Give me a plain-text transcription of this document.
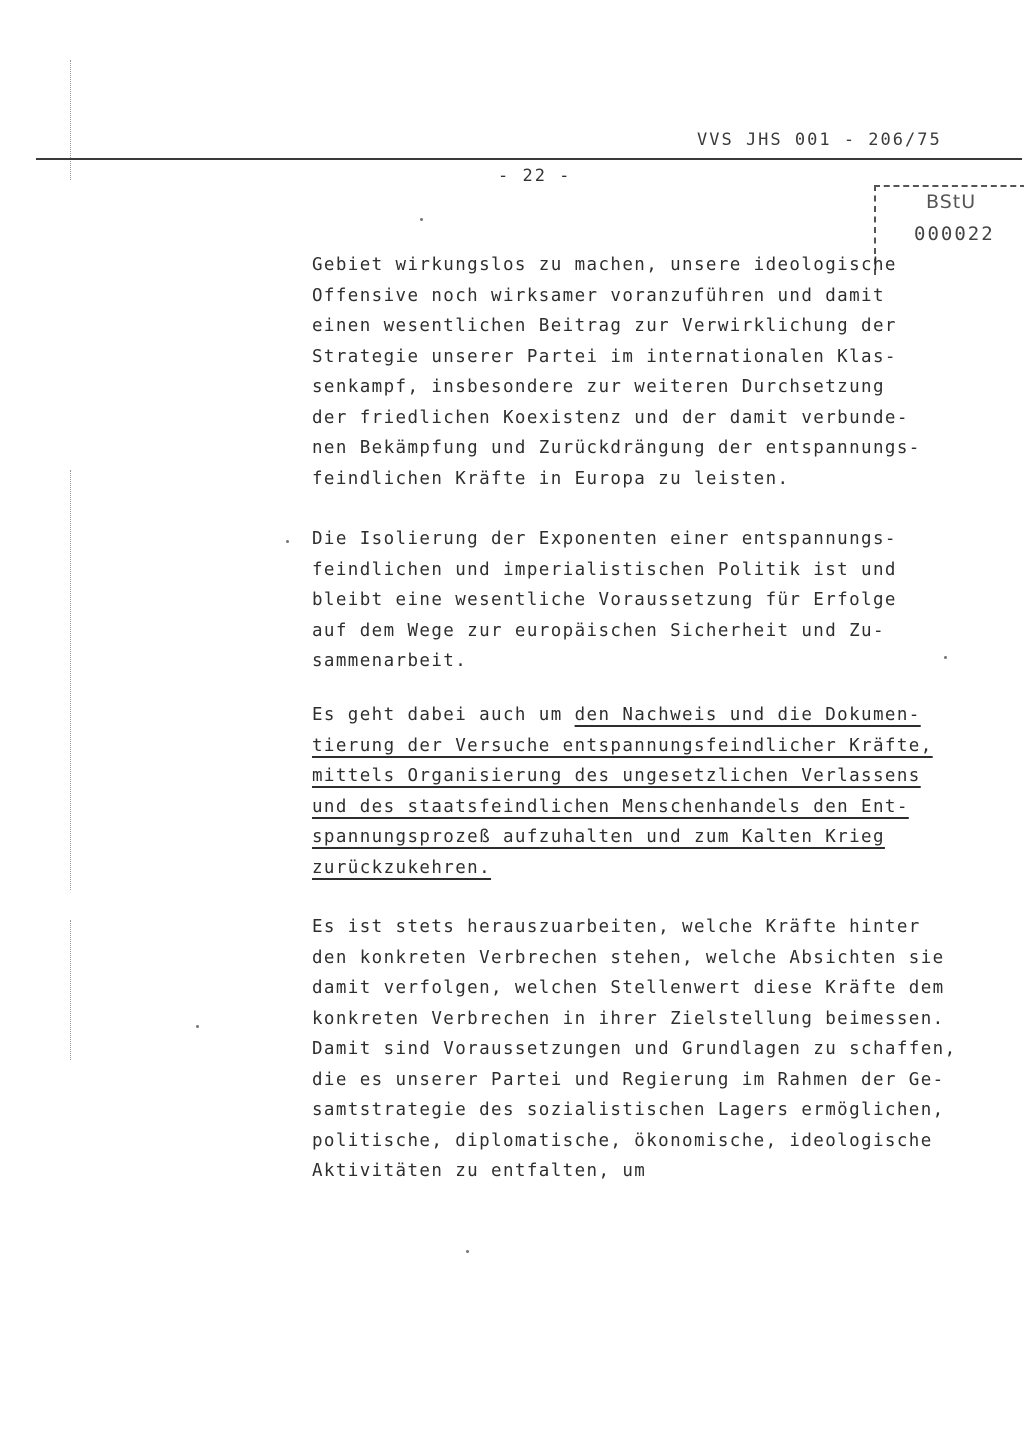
VVS JHS 001 - 206/75
- 22 -
BStU
000022
Gebiet wirkungslos zu machen, unsere ideologische
Offensive noch wirksamer voranzuführen und damit
einen wesentlichen Beitrag zur Verwirklichung der
Strategie unserer Partei im internationalen Klas-
senkampf, insbesondere zur weiteren Durchsetzung
der friedlichen Koexistenz und der damit verbunde-
nen Bekämpfung und Zurückdrängung der entspannungs-
feindlichen Kräfte in Europa zu leisten.
Die Isolierung der Exponenten einer entspannungs-
feindlichen und imperialistischen Politik ist und
bleibt eine wesentliche Voraussetzung für Erfolge
auf dem Wege zur europäischen Sicherheit und Zu-
sammenarbeit.
Es geht dabei auch um den Nachweis und die Dokumen-
tierung der Versuche entspannungsfeindlicher Kräfte,
mittels Organisierung des ungesetzlichen Verlassens
und des staatsfeindlichen Menschenhandels den Ent-
spannungsprozeß aufzuhalten und zum Kalten Krieg
zurückzukehren.
Es ist stets herauszuarbeiten, welche Kräfte hinter
den konkreten Verbrechen stehen, welche Absichten sie
damit verfolgen, welchen Stellenwert diese Kräfte dem
konkreten Verbrechen in ihrer Zielstellung beimessen.
Damit sind Voraussetzungen und Grundlagen zu schaffen,
die es unserer Partei und Regierung im Rahmen der Ge-
samtstrategie des sozialistischen Lagers ermöglichen,
politische, diplomatische, ökonomische, ideologische
Aktivitäten zu entfalten, um
